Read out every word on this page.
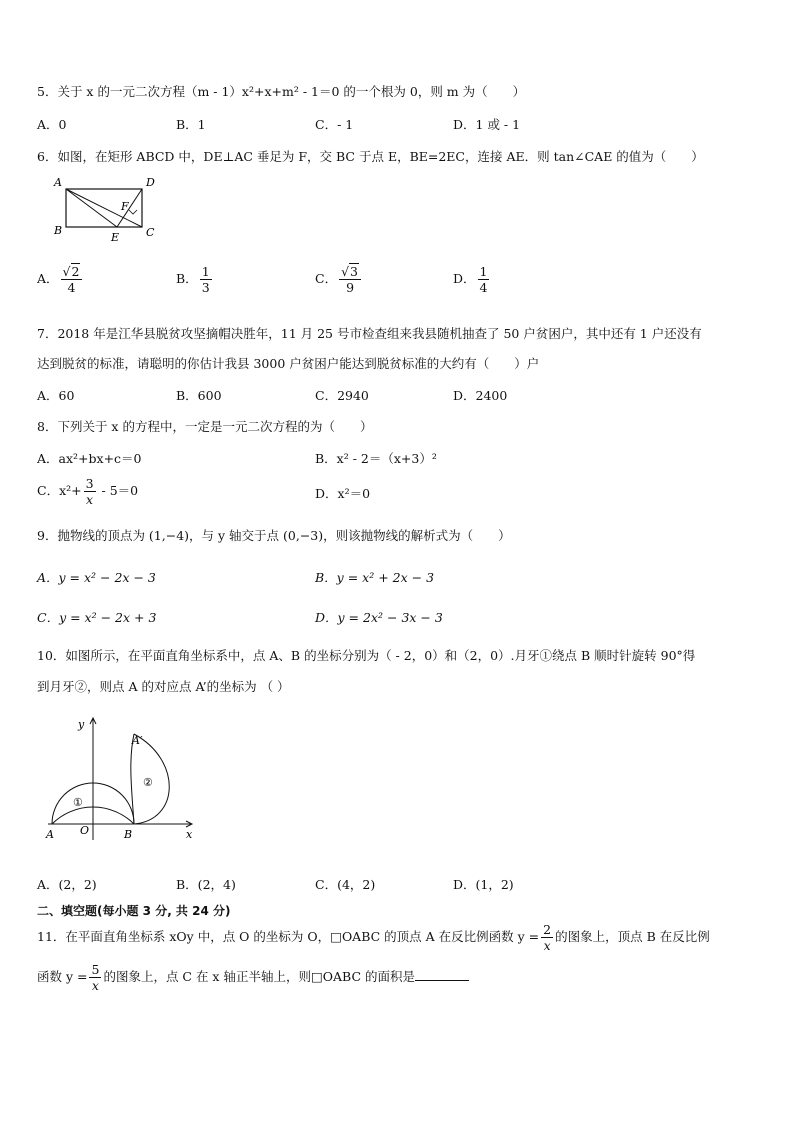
5．关于 x 的一元二次方程（m - 1）x²+x+m² - 1＝0 的一个根为 0，则 m 为（　　）
A．0	B．1	C．- 1	D．1 或 - 1
6．如图，在矩形 ABCD 中，DE⊥AC 垂足为 F，交 BC 于点 E，BE=2EC，连接 AE．则 tan∠CAE 的值为（　　）
A	D
B	C
E
F
A． $\frac{√2}{4}$	B． $\frac{1}{3}$	C． $\frac{√3}{9}$	D． $\frac{1}{4}$
7．2018 年是江华县脱贫攻坚摘帽决胜年，11 月 25 号市检查组来我县随机抽查了 50 户贫困户，其中还有 1 户还没有
达到脱贫的标准，请聪明的你估计我县 3000 户贫困户能达到脱贫标准的大约有（　　）户
A．60	B．600	C．2940	D．2400
8．下列关于 x 的方程中，一定是一元二次方程的为（　　）
A．ax²+bx+c＝0	B．x² - 2＝（x+3）²
C．$x^2+ \frac{3}{x} - 5=0$	D．x²＝0
9．抛物线的顶点为 (1,−4)，与 y 轴交于点 (0,−3)，则该抛物线的解析式为（　　）
A．y = x² − 2x − 3	B．y = x² + 2x − 3
C．y = x² − 2x + 3	D．y = 2x² − 3x − 3
10．如图所示，在平面直角坐标系中，点 A、B 的坐标分别为（ - 2，0）和（2，0）.月牙①绕点 B 顺时针旋转 90°得
到月牙②，则点 A 的对应点 A’的坐标为 （ ）
y
x
A O	B
A′
①
②
A．(2，2)	B．(2，4)	C．(4，2)	D．(1，2)
二、填空题(每小题 3 分, 共 24 分)
11．在平面直角坐标系 xOy 中，点 O 的坐标为 O，□OABC 的顶点 A 在反比例函数 $y = \frac{2}{x}$ 的图象上，顶点 B 在反比例
函数 $y = \frac{5}{x}$ 的图象上，点 C 在 x 轴正半轴上，则□OABC 的面积是
